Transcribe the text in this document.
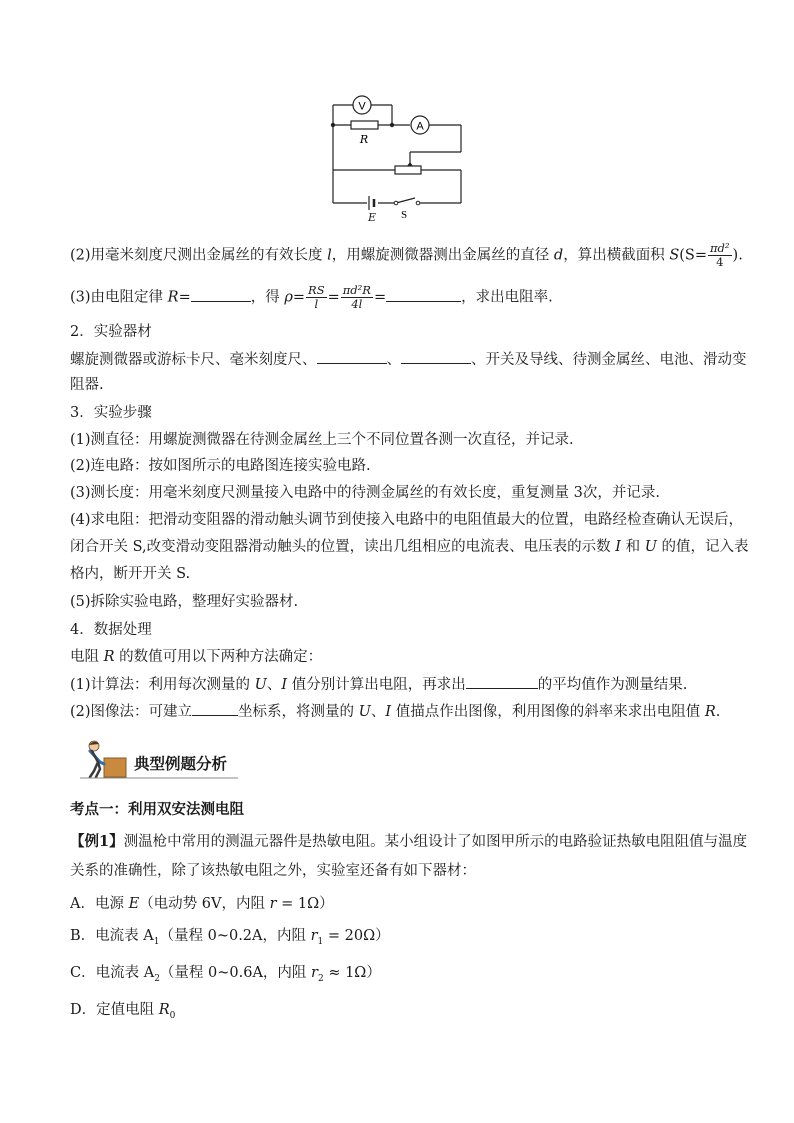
V
R
A
E S
(2)用毫米刻度尺测出金属丝的有效长度 l，用螺旋测微器测出金属丝的直径 d，算出横截面积 $S(S= \frac{\text{πd²}}{4}$ ).
(3)由电阻定律 R=	，得 $\rho= \frac{RS}{l} = \frac{\text{πd²R}}{4l}$ =	，求出电阻率.
2．实验器材
螺旋测微器或游标卡尺、毫米刻度尺、	、	、开关及导线、待测金属丝、电池、滑动变
阻器.
3．实验步骤
(1)测直径：用螺旋测微器在待测金属丝上三个不同位置各测一次直径，并记录.
(2)连电路：按如图所示的电路图连接实验电路.
(3)测长度：用毫米刻度尺测量接入电路中的待测金属丝的有效长度，重复测量 3次，并记录.
(4)求电阻：把滑动变阻器的滑动触头调节到使接入电路中的电阻值最大的位置，电路经检查确认无误后，
闭合开关 S,改变滑动变阻器滑动触头的位置，读出几组相应的电流表、电压表的示数 I 和 U 的值，记入表
格内，断开开关 S.
(5)拆除实验电路，整理好实验器材.
4．数据处理
电阻 R 的数值可用以下两种方法确定：
(1)计算法：利用每次测量的 U、I 值分别计算出电阻，再求出	的平均值作为测量结果.
(2)图像法：可建立	坐标系，将测量的 U、I 值描点作出图像，利用图像的斜率来求出电阻值 R.
典型例题分析
考点一：利用双安法测电阻
【例1】测温枪中常用的测温元器件是热敏电阻。某小组设计了如图甲所示的电路验证热敏电阻阻值与温度
关系的准确性，除了该热敏电阻之外，实验室还备有如下器材：
A．电源 E（电动势 6V，内阻 r = 1Ω）
B．电流表 $A_1$（量程 0~0.2A，内阻 $r_1 = 20\Omega$）
C．电流表 $A_2$（量程 0~0.6A，内阻 $r_2 \approx 1\Omega$）
D．定值电阻 $R_0$
